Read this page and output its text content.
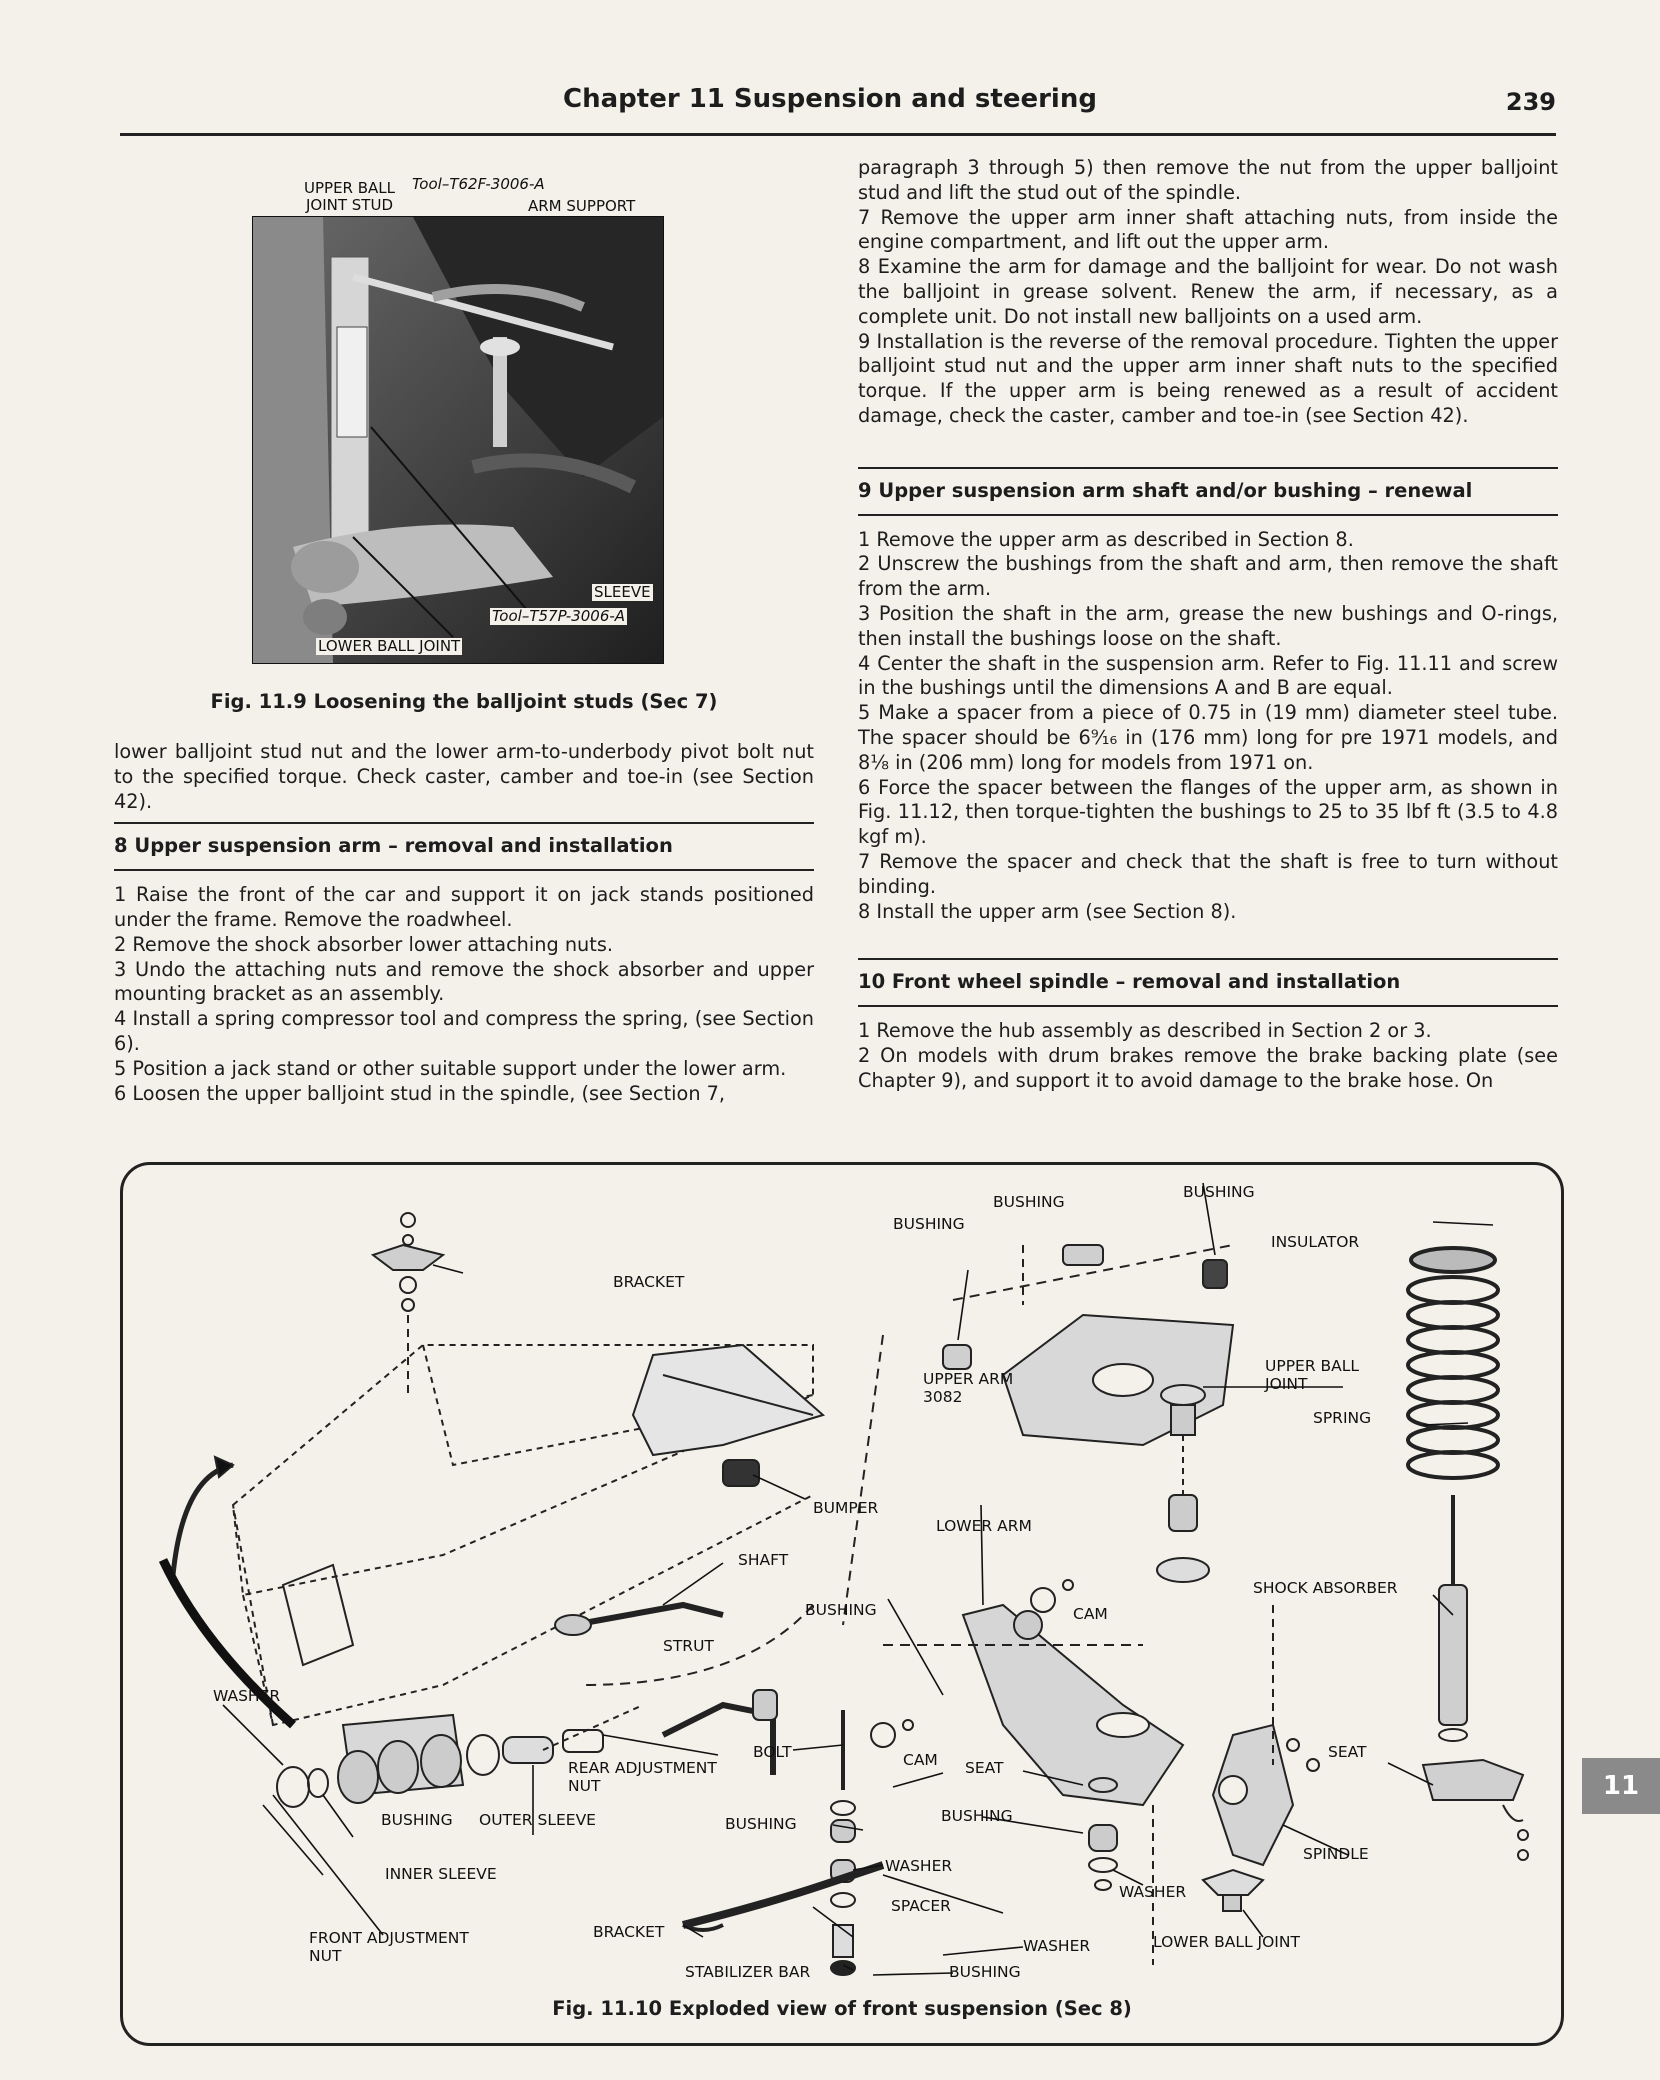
Chapter 11 Suspension and steering	239
UPPER BALL
JOINT STUD
Tool–T62F-3006-A
ARM SUPPORT
SLEEVE
Tool–T57P-3006-A
LOWER BALL JOINT
Fig. 11.9 Loosening the balljoint studs (Sec 7)

lower balljoint stud nut and the lower arm-to-underbody pivot bolt nut to the specified torque. Check caster, camber and toe-in (see Section 42).

8 Upper suspension arm – removal and installation

1 Raise the front of the car and support it on jack stands positioned under the frame. Remove the roadwheel.

2 Remove the shock absorber lower attaching nuts.

3 Undo the attaching nuts and remove the shock absorber and upper mounting bracket as an assembly.

4 Install a spring compressor tool and compress the spring, (see Section 6).

5 Position a jack stand or other suitable support under the lower arm.

6 Loosen the upper balljoint stud in the spindle, (see Section 7,

paragraph 3 through 5) then remove the nut from the upper balljoint stud and lift the stud out of the spindle.

7 Remove the upper arm inner shaft attaching nuts, from inside the engine compartment, and lift out the upper arm.

8 Examine the arm for damage and the balljoint for wear. Do not wash the balljoint in grease solvent. Renew the arm, if necessary, as a complete unit. Do not install new balljoints on a used arm.

9 Installation is the reverse of the removal procedure. Tighten the upper balljoint stud nut and the upper arm inner shaft nuts to the specified torque. If the upper arm is being renewed as a result of accident damage, check the caster, camber and toe-in (see Section 42).

9 Upper suspension arm shaft and/or bushing – renewal

1 Remove the upper arm as described in Section 8.

2 Unscrew the bushings from the shaft and arm, then remove the shaft from the arm.

3 Position the shaft in the arm, grease the new bushings and O-rings, then install the bushings loose on the shaft.

4 Center the shaft in the suspension arm. Refer to Fig. 11.11 and screw in the bushings until the dimensions A and B are equal.

5 Make a spacer from a piece of 0.75 in (19 mm) diameter steel tube. The spacer should be 6⁹⁄₁₆ in (176 mm) long for pre 1971 models, and 8⅛ in (206 mm) long for models from 1971 on.

6 Force the spacer between the flanges of the upper arm, as shown in Fig. 11.12, then torque-tighten the bushings to 25 to 35 lbf ft (3.5 to 4.8 kgf m).

7 Remove the spacer and check that the shaft is free to turn without binding.

8 Install the upper arm (see Section 8).

10 Front wheel spindle – removal and installation

1 Remove the hub assembly as described in Section 2 or 3.

2 On models with drum brakes remove the brake backing plate (see Chapter 9), and support it to avoid damage to the brake hose. On

BRACKET
BUSHING
BUSHING
BUSHING
INSULATOR
UPPER ARM
3082
UPPER BALL
JOINT
SPRING
BUMPER
LOWER ARM
SHAFT
SHOCK ABSORBER
BUSHING	CAM
STRUT
WASHER
REAR ADJUSTMENT
NUT
BOLT	CAM SEAT
SEAT
BUSHING
OUTER SLEEVE
BUSHING	BUSHING
INNER SLEEVE	WASHER
SPINDLE
WASHER
SPACER
FRONT ADJUSTMENT
NUT
BRACKET
WASHER	LOWER BALL JOINT
STABILIZER BAR	BUSHING
Fig. 11.10 Exploded view of front suspension (Sec 8)
11
